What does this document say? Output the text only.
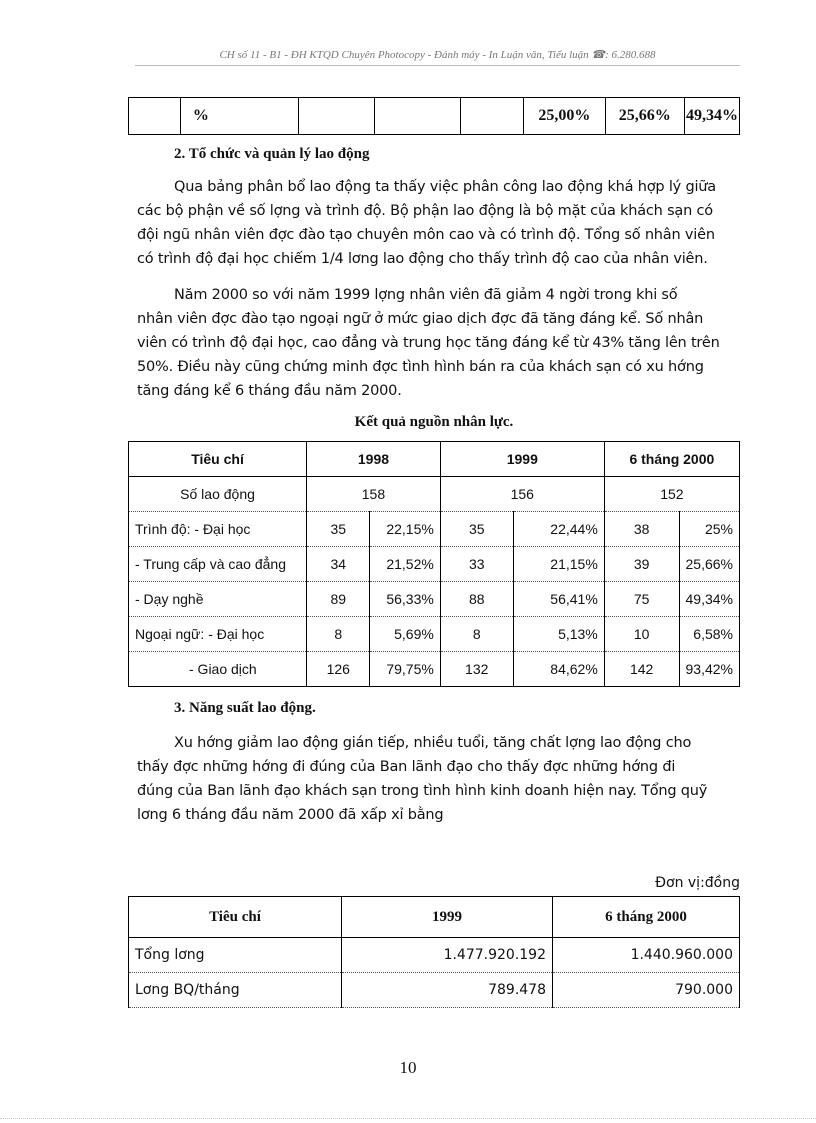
CH số 11 - B1 - ĐH KTQD Chuyên Photocopy - Đánh máy - In Luận văn, Tiểu luận ☎: 6.280.688
	%				25,00%	25,66%	49,34%
2. Tổ chức và quản lý lao động
Qua bảng phân bổ lao động ta thấy việc phân công lao động khá hợp lý giữa
các bộ phận về số lợng và trình độ. Bộ phận lao động là bộ mặt của khách sạn có
đội ngũ nhân viên đợc đào tạo chuyên môn cao và có trình độ. Tổng số nhân viên
có trình độ đại học chiếm 1/4 lơng lao động cho thấy trình độ cao của nhân viên.
Năm 2000 so với năm 1999 lợng nhân viên đã giảm 4 ngời trong khi số
nhân viên đợc đào tạo ngoại ngữ ở mức giao dịch đợc đã tăng đáng kể. Số nhân
viên có trình độ đại học, cao đẳng và trung học tăng đáng kể từ 43% tăng lên trên
50%. Điều này cũng chứng minh đợc tình hình bán ra của khách sạn có xu hớng
tăng đáng kể 6 tháng đầu năm 2000.
Kết quả nguồn nhân lực.
Tiêu chí	1998		1999		6 tháng 2000	
Số lao động	158		156		152	
Trình độ: - Đại học	35	22,15%	35	22,44%	38	25%
- Trung cấp và cao đẳng	34	21,52%	33	21,15%	39	25,66%
- Dạy nghề	89	56,33%	88	56,41%	75	49,34%
Ngoại ngữ: - Đại học	8	5,69%	8	5,13%	10	6,58%
- Giao dịch	126	79,75%	132	84,62%	142	93,42%
3. Năng suất lao động.
Xu hớng giảm lao động gián tiếp, nhiều tuổi, tăng chất lợng lao động cho
thấy đợc những hớng đi đúng của Ban lãnh đạo cho thấy đợc những hớng đi
đúng của Ban lãnh đạo khách sạn trong tình hình kinh doanh hiện nay. Tổng quỹ
lơng 6 tháng đầu năm 2000 đã xấp xỉ bằng
Đơn vị:đồng
Tiêu chí	1999	6 tháng 2000
Tổng lơng	1.477.920.192	1.440.960.000
Lơng BQ/tháng	789.478	790.000
10
